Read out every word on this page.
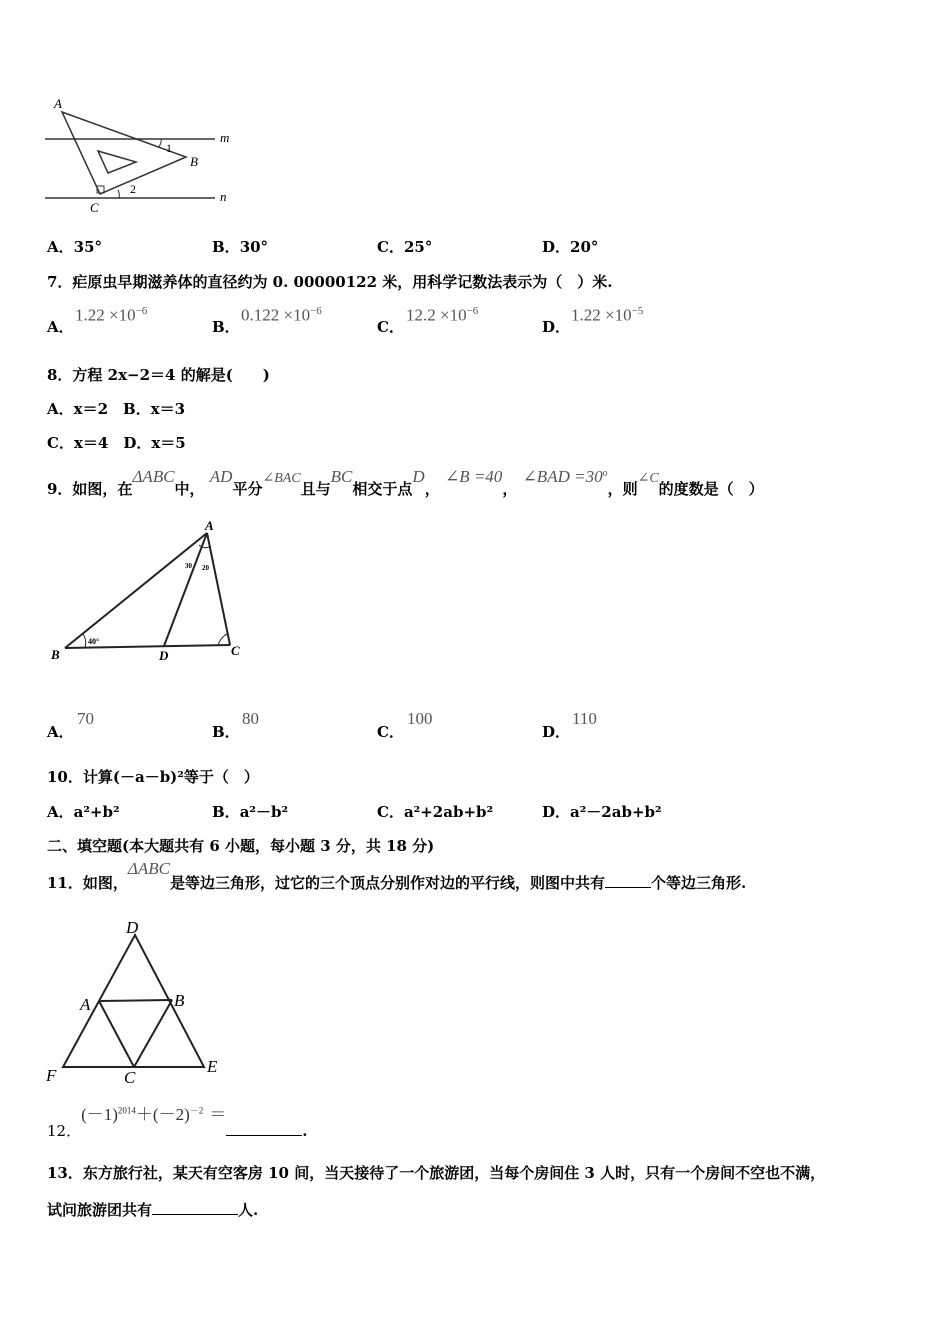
A
B
C
m
n
1
2
A．35°	B．30°	C．25°	D．20°
7．疟原虫早期滋养体的直径约为 0. 00000122 米，用科学记数法表示为（　）米.
A．
$1.22 \times 10^{-6}$
B．
$0.122 \times 10^{-6}$
C．
$12.2 \times 10^{-6}$
D．
$1.22 \times 10^{-5}$
8．方程 2x−2＝4 的解是(　　)
A．x＝2　B．x＝3
C．x＝4　D．x＝5
9．如图，在ΔABC中， AD平分∠BAC且与BC相交于点D， ∠B =40， ∠BAD $=30^o$，则∠C的度数是（　）
A
B	C
D
40°
30 20
A．
70
B．
80
C．
100
D．
110
10．计算(－a－b)²等于（　）
A．a²+b²	B．a²－b²	C．a²+2ab+b²	D．a²－2ab+b²
二、填空题(本大题共有 6 小题，每小题 3 分，共 18 分)
11．如图，ΔABC是等边三角形，过它的三个顶点分别作对边的平行线，则图中共有	个等边三角形.
D
A	B
F	C
E
12．$(-1)^{2014}+(-2)^{-2}$ ＝.
13．东方旅行社，某天有空客房 10 间，当天接待了一个旅游团，当每个房间住 3 人时，只有一个房间不空也不满，
试问旅游团共有	人.
